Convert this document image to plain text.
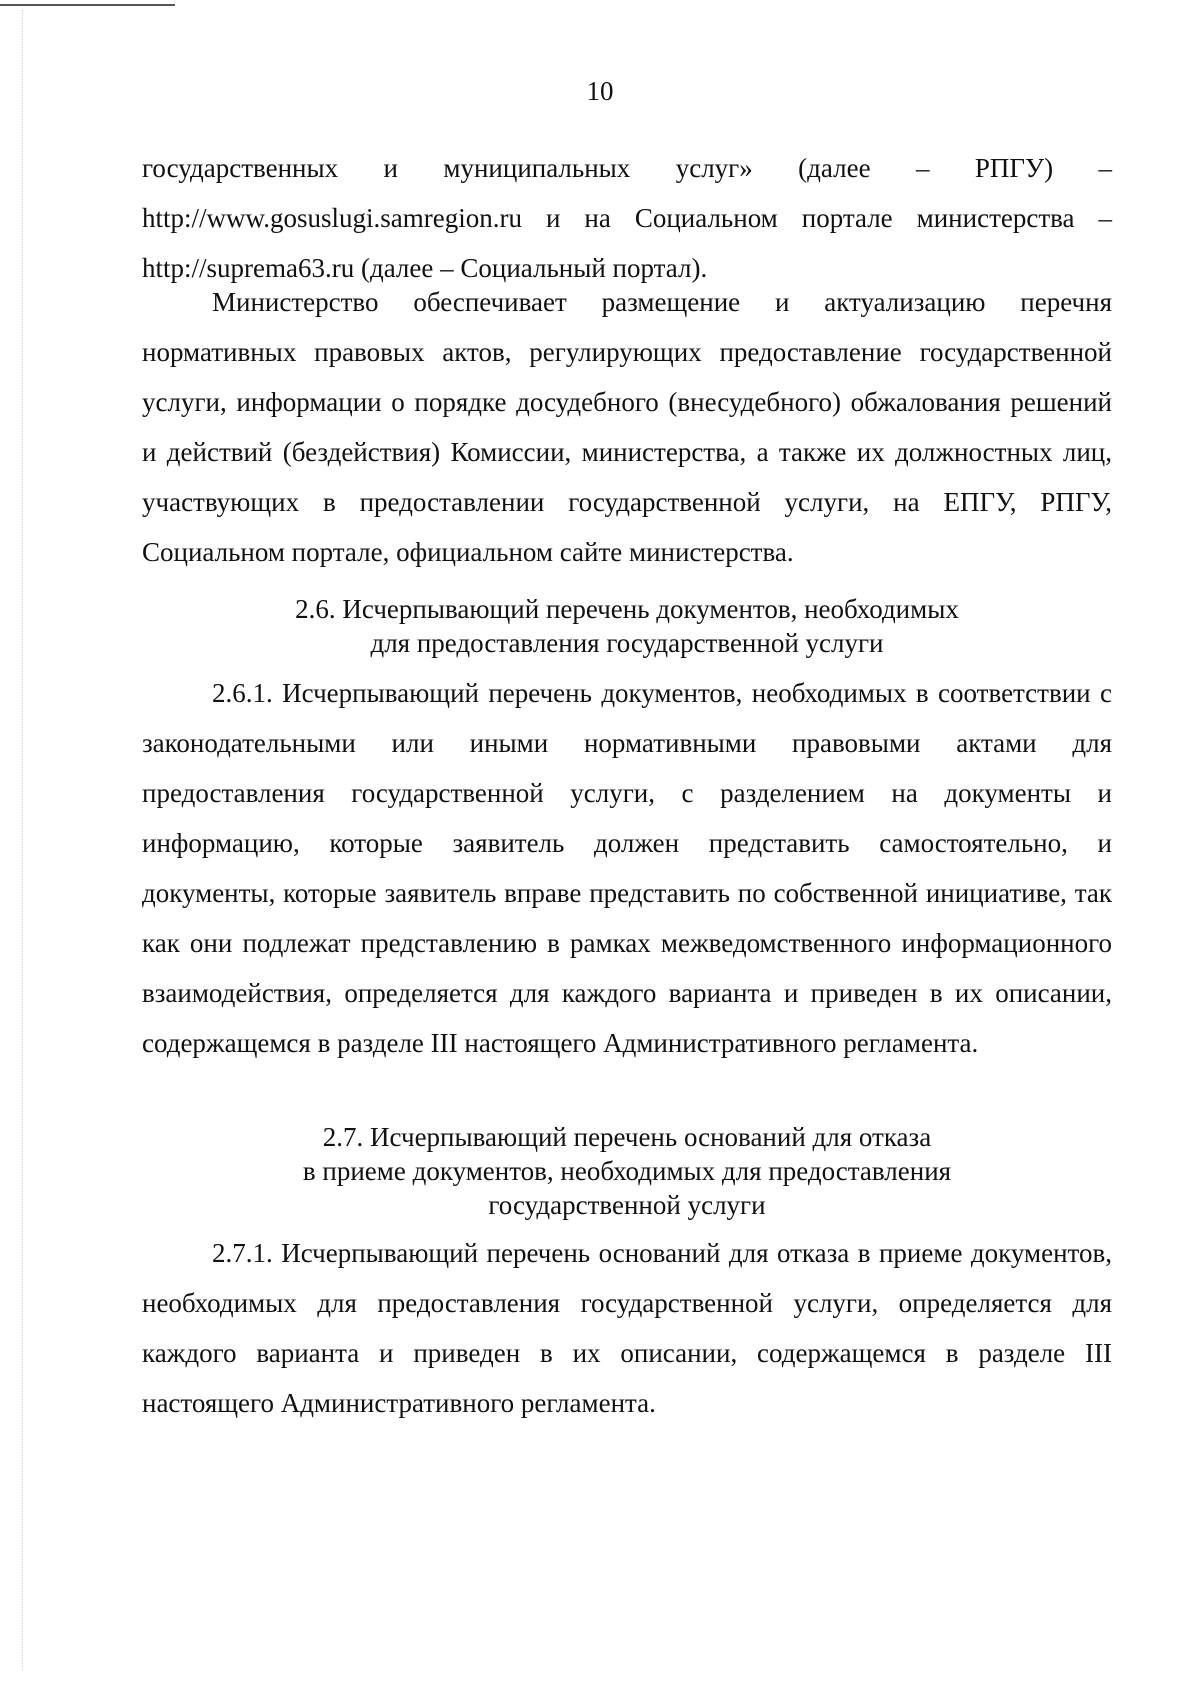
10

государственных и муниципальных услуг» (далее – РПГУ) – http://www.gosuslugi.samregion.ru и на Социальном портале министерства – http://suprema63.ru (далее – Социальный портал).

Министерство обеспечивает размещение и актуализацию перечня нормативных правовых актов, регулирующих предоставление государственной услуги, информации о порядке досудебного (внесудебного) обжалования решений и действий (бездействия) Комиссии, министерства, а также их должностных лиц, участвующих в предоставлении государственной услуги, на ЕПГУ, РПГУ, Социальном портале, официальном сайте министерства.

2.6. Исчерпывающий перечень документов, необходимых
для предоставления государственной услуги

2.6.1. Исчерпывающий перечень документов, необходимых в соответствии с законодательными или иными нормативными правовыми актами для предоставления государственной услуги, с разделением на документы и информацию, которые заявитель должен представить самостоятельно, и документы, которые заявитель вправе представить по собственной инициативе, так как они подлежат представлению в рамках межведомственного информационного взаимодействия, определяется для каждого варианта и приведен в их описании, содержащемся в разделе III настоящего Административного регламента.

2.7. Исчерпывающий перечень оснований для отказа
в приеме документов, необходимых для предоставления
государственной услуги

2.7.1. Исчерпывающий перечень оснований для отказа в приеме документов, необходимых для предоставления государственной услуги, определяется для каждого варианта и приведен в их описании, содержащемся в разделе III настоящего Административного регламента.
